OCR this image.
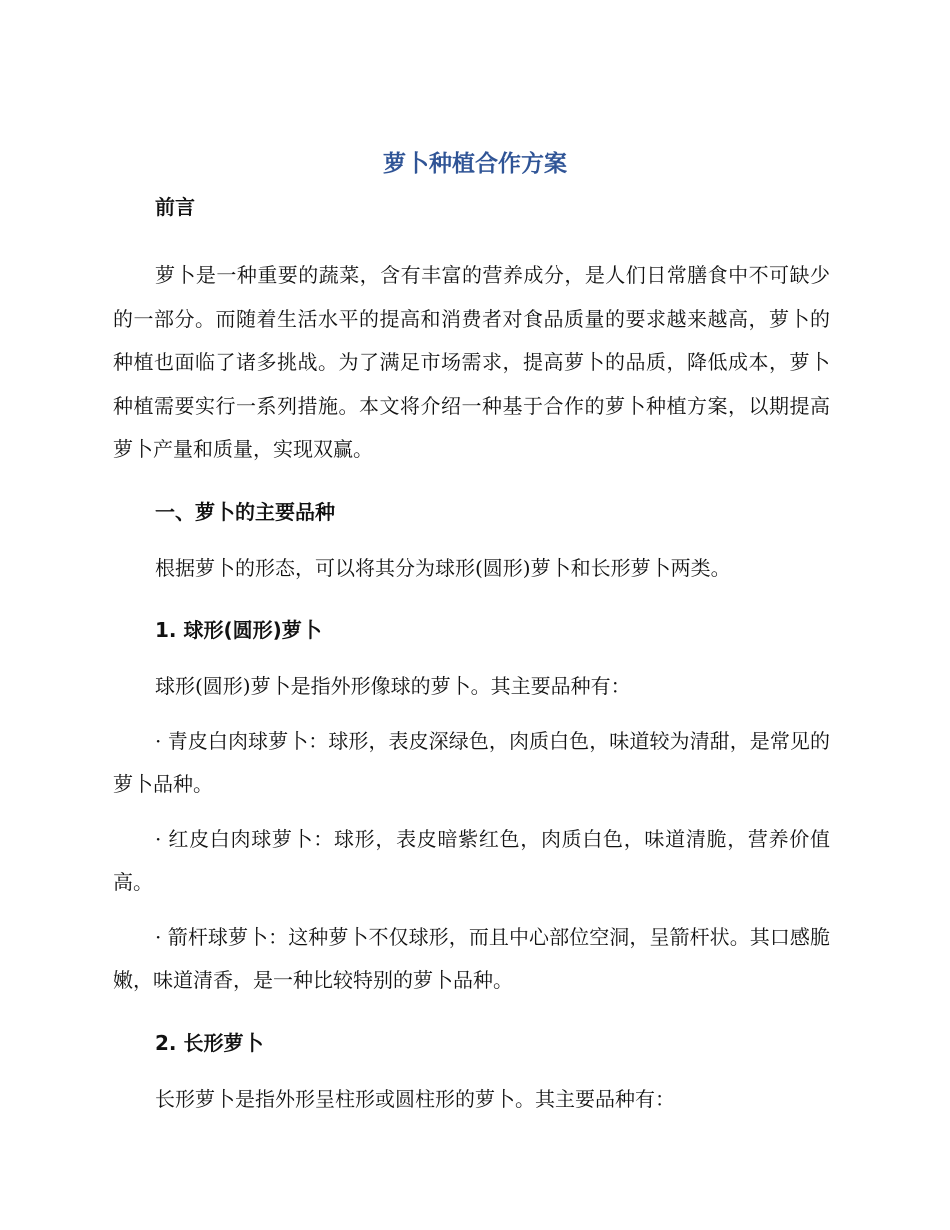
萝卜种植合作方案

前言

萝卜是一种重要的蔬菜，含有丰富的营养成分，是人们日常膳食中不可缺少的一部分。而随着生活水平的提高和消费者对食品质量的要求越来越高，萝卜的种植也面临了诸多挑战。为了满足市场需求，提高萝卜的品质，降低成本，萝卜种植需要实行一系列措施。本文将介绍一种基于合作的萝卜种植方案，以期提高萝卜产量和质量，实现双赢。

一、萝卜的主要品种

根据萝卜的形态，可以将其分为球形(圆形)萝卜和长形萝卜两类。

1. 球形(圆形)萝卜

球形(圆形)萝卜是指外形像球的萝卜。其主要品种有：

· 青皮白肉球萝卜：球形，表皮深绿色，肉质白色，味道较为清甜，是常见的萝卜品种。

· 红皮白肉球萝卜：球形，表皮暗紫红色，肉质白色，味道清脆，营养价值高。

· 箭杆球萝卜：这种萝卜不仅球形，而且中心部位空洞，呈箭杆状。其口感脆嫩，味道清香，是一种比较特别的萝卜品种。

2. 长形萝卜

长形萝卜是指外形呈柱形或圆柱形的萝卜。其主要品种有：
